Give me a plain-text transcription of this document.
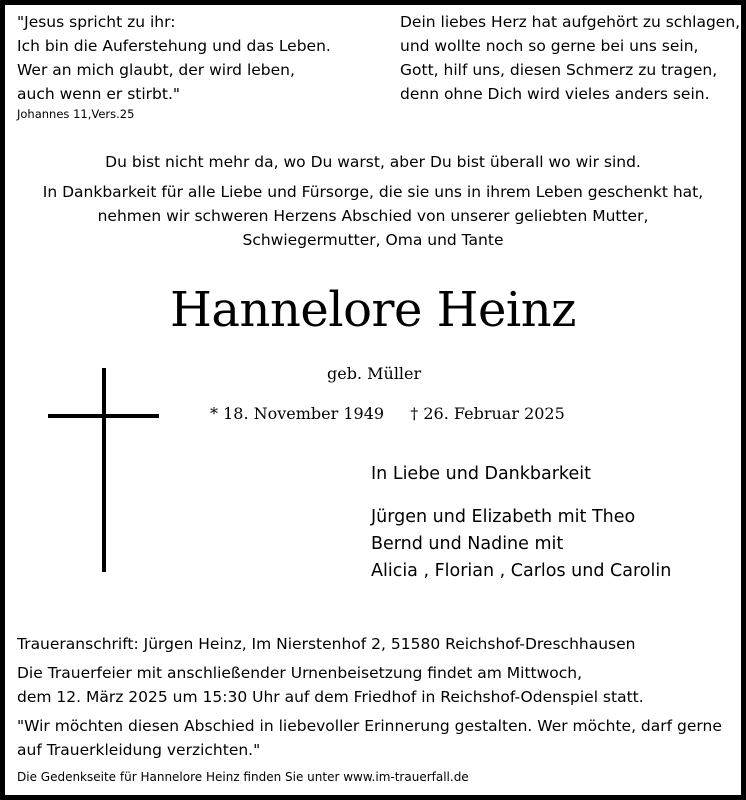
"Jesus spricht zu ihr:
Ich bin die Auferstehung und das Leben.
Wer an mich glaubt, der wird leben,
auch wenn er stirbt."
Johannes 11,Vers.25
Dein liebes Herz hat aufgehört zu schlagen,
und wollte noch so gerne bei uns sein,
Gott, hilf uns, diesen Schmerz zu tragen,
denn ohne Dich wird vieles anders sein.
Du bist nicht mehr da, wo Du warst, aber Du bist überall wo wir sind.
In Dankbarkeit für alle Liebe und Fürsorge, die sie uns in ihrem Leben geschenkt hat,
nehmen wir schweren Herzens Abschied von unserer geliebten Mutter,
Schwiegermutter, Oma und Tante
Hannelore Heinz
geb. Müller
* 18. November 1949 † 26. Februar 2025
In Liebe und Dankbarkeit
Jürgen und Elizabeth mit Theo
Bernd und Nadine mit
Alicia , Florian , Carlos und Carolin
Traueranschrift: Jürgen Heinz, Im Nierstenhof 2, 51580 Reichshof-Dreschhausen
Die Trauerfeier mit anschließender Urnenbeisetzung findet am Mittwoch,
dem 12. März 2025 um 15:30 Uhr auf dem Friedhof in Reichshof-Odenspiel statt.
"Wir möchten diesen Abschied in liebevoller Erinnerung gestalten. Wer möchte, darf gerne
auf Trauerkleidung verzichten."
Die Gedenkseite für Hannelore Heinz finden Sie unter www.im-trauerfall.de
